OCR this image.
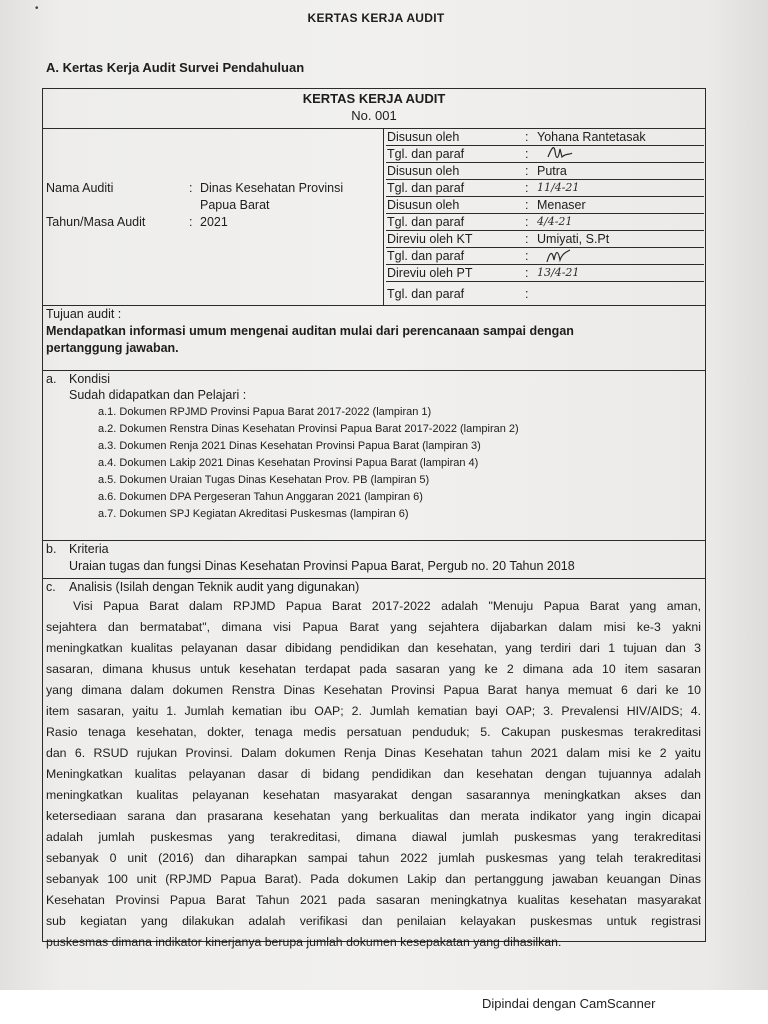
•
KERTAS KERJA AUDIT
A. Kertas Kerja Audit Survei Pendahuluan
KERTAS KERJA AUDIT
No. 001
Nama Auditi	: Dinas Kesehatan Provinsi
Papua Barat
Tahun/Masa Audit	: 2021
Disusun oleh	: Yohana Rantetasak
Tgl. dan paraf	:
Disusun oleh	: Putra
Tgl. dan paraf	: 11/4-21
Disusun oleh	: Menaser
Tgl. dan paraf	: 4/4-21
Direviu oleh KT	: Umiyati, S.Pt
Tgl. dan paraf	:
Direviu oleh PT	: 13/4-21
Tgl. dan paraf	:
Tujuan audit :
Mendapatkan informasi umum mengenai auditan mulai dari perencanaan sampai dengan
pertanggung jawaban.
a. Kondisi
Sudah didapatkan dan Pelajari :
a.1. Dokumen RPJMD Provinsi Papua Barat 2017-2022 (lampiran 1)
a.2. Dokumen Renstra Dinas Kesehatan Provinsi Papua Barat 2017-2022 (lampiran 2)
a.3. Dokumen Renja 2021 Dinas Kesehatan Provinsi Papua Barat (lampiran 3)
a.4. Dokumen Lakip 2021 Dinas Kesehatan Provinsi Papua Barat (lampiran 4)
a.5. Dokumen Uraian Tugas Dinas Kesehatan Prov. PB (lampiran 5)
a.6. Dokumen DPA Pergeseran Tahun Anggaran 2021 (lampiran 6)
a.7. Dokumen SPJ Kegiatan Akreditasi Puskesmas (lampiran 6)
b. Kriteria
Uraian tugas dan fungsi Dinas Kesehatan Provinsi Papua Barat, Pergub no. 20 Tahun 2018
c. Analisis (Isilah dengan Teknik audit yang digunakan)
Visi Papua Barat dalam RPJMD Papua Barat 2017-2022 adalah "Menuju Papua Barat yang aman,
sejahtera dan bermatabat", dimana visi Papua Barat yang sejahtera dijabarkan dalam misi ke-3 yakni
meningkatkan kualitas pelayanan dasar dibidang pendidikan dan kesehatan, yang terdiri dari 1 tujuan dan 3
sasaran, dimana khusus untuk kesehatan terdapat pada sasaran yang ke 2 dimana ada 10 item sasaran
yang dimana dalam dokumen Renstra Dinas Kesehatan Provinsi Papua Barat hanya memuat 6 dari ke 10
item sasaran, yaitu 1. Jumlah kematian ibu OAP; 2. Jumlah kematian bayi OAP; 3. Prevalensi HIV/AIDS; 4.
Rasio tenaga kesehatan, dokter, tenaga medis persatuan penduduk; 5. Cakupan puskesmas terakreditasi
dan 6. RSUD rujukan Provinsi. Dalam dokumen Renja Dinas Kesehatan tahun 2021 dalam misi ke 2 yaitu
Meningkatkan kualitas pelayanan dasar di bidang pendidikan dan kesehatan dengan tujuannya adalah
meningkatkan kualitas pelayanan kesehatan masyarakat dengan sasarannya meningkatkan akses dan
ketersediaan sarana dan prasarana kesehatan yang berkualitas dan merata indikator yang ingin dicapai
adalah jumlah puskesmas yang terakreditasi, dimana diawal jumlah puskesmas yang terakreditasi
sebanyak 0 unit (2016) dan diharapkan sampai tahun 2022 jumlah puskesmas yang telah terakreditasi
sebanyak 100 unit (RPJMD Papua Barat). Pada dokumen Lakip dan pertanggung jawaban keuangan Dinas
Kesehatan Provinsi Papua Barat Tahun 2021 pada sasaran meningkatnya kualitas kesehatan masyarakat
sub kegiatan yang dilakukan adalah verifikasi dan penilaian kelayakan puskesmas untuk registrasi
puskesmas dimana indikator kinerjanya berupa jumlah dokumen kesepakatan yang dihasilkan.
Dipindai dengan CamScanner
